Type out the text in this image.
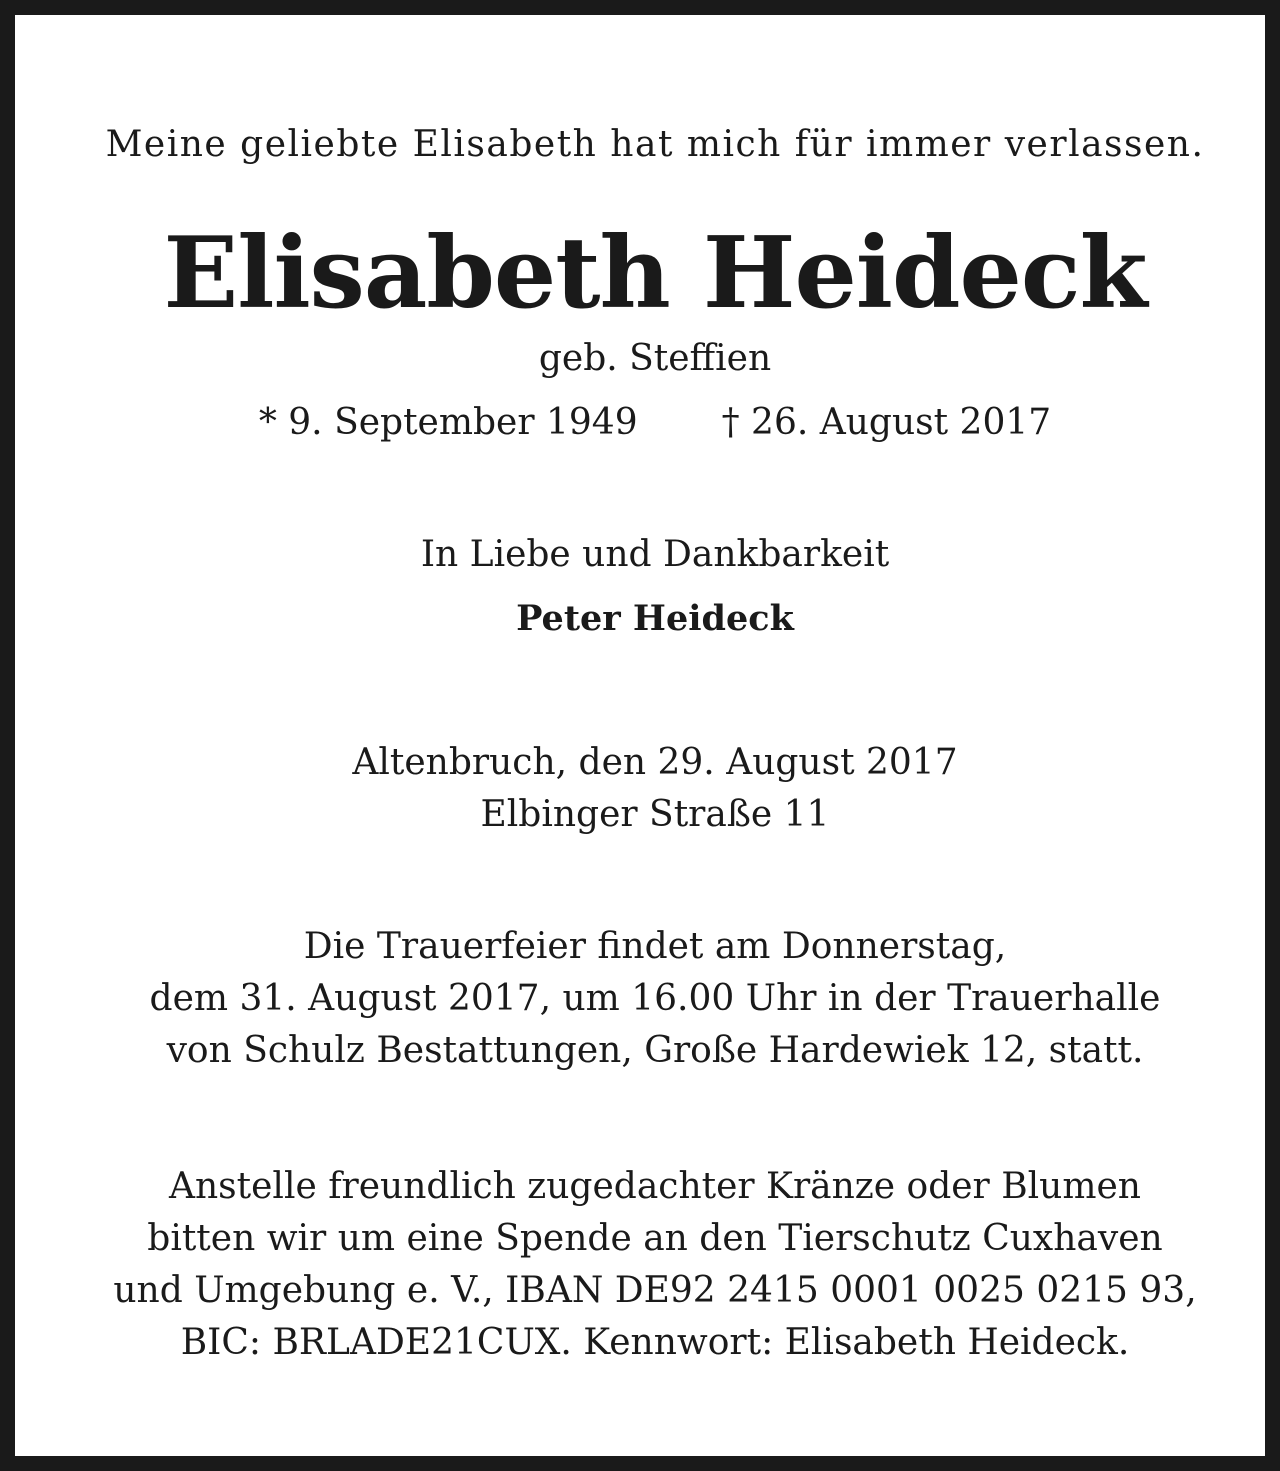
Meine geliebte Elisabeth hat mich für immer verlassen.
Elisabeth Heideck
geb. Steffien
* 9. September 1949 † 26. August 2017
In Liebe und Dankbarkeit
Peter Heideck
Altenbruch, den 29. August 2017
Elbinger Straße 11
Die Trauerfeier findet am Donnerstag,
dem 31. August 2017, um 16.00 Uhr in der Trauerhalle
von Schulz Bestattungen, Große Hardewiek 12, statt.
Anstelle freundlich zugedachter Kränze oder Blumen
bitten wir um eine Spende an den Tierschutz Cuxhaven
und Umgebung e. V., IBAN DE92 2415 0001 0025 0215 93,
BIC: BRLADE21CUX. Kennwort: Elisabeth Heideck.
